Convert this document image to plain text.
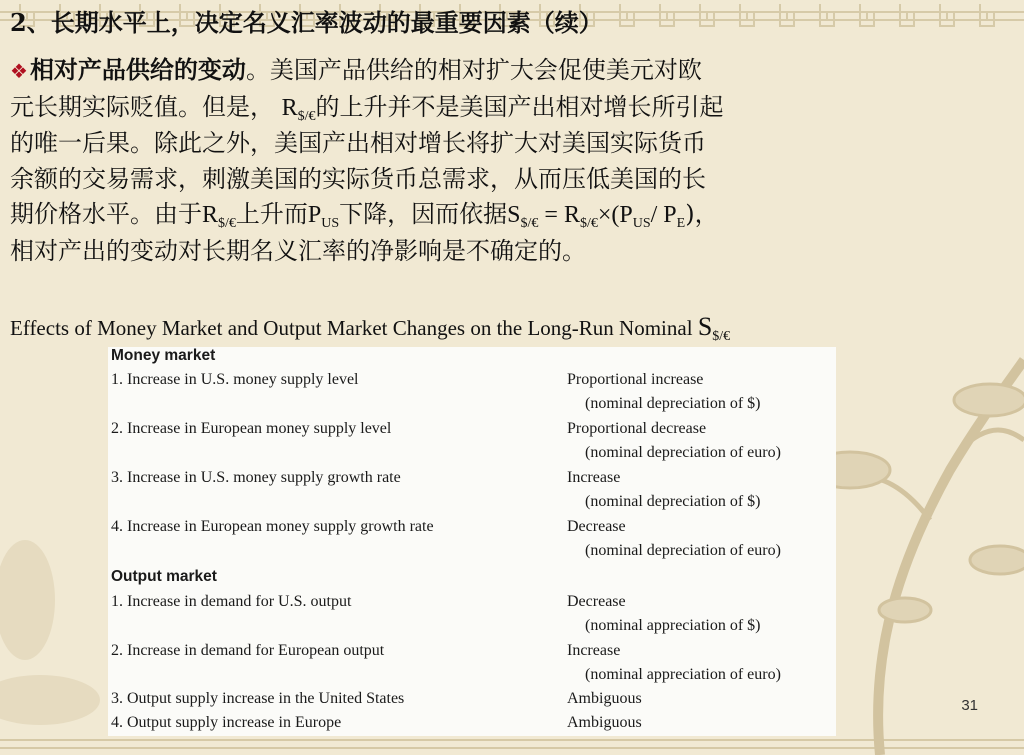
2、长期水平上，决定名义汇率波动的最重要因素（续）
❖相对产品供给的变动。美国产品供给的相对扩大会促使美元对欧
元长期实际贬值。但是， $R_{\$/€}$的上升并不是美国产出相对增长所引起
的唯一后果。除此之外，美国产出相对增长将扩大对美国实际货币
余额的交易需求，刺激美国的实际货币总需求，从而压低美国的长
期价格水平。由于$R_{\$/€}$上升而$P_{US}$下降，因而依据$S_{\$/€} = R_{\$/€}\times(P_{US}/$ $P_E$)，
相对产出的变动对长期名义汇率的净影响是不确定的。
Effects of Money Market and Output Market Changes on the Long-Run Nominal $S_{\$/€}$
Money market
1. Increase in U.S. money supply level	Proportional increase
(nominal depreciation of $)
2. Increase in European money supply level	Proportional decrease
(nominal depreciation of euro)
3. Increase in U.S. money supply growth rate	Increase
(nominal depreciation of $)
4. Increase in European money supply growth rate	Decrease
(nominal depreciation of euro)
Output market
1. Increase in demand for U.S. output	Decrease
(nominal appreciation of $)
2. Increase in demand for European output	Increase
(nominal appreciation of euro)
3. Output supply increase in the United States	Ambiguous
4. Output supply increase in Europe	Ambiguous
31
